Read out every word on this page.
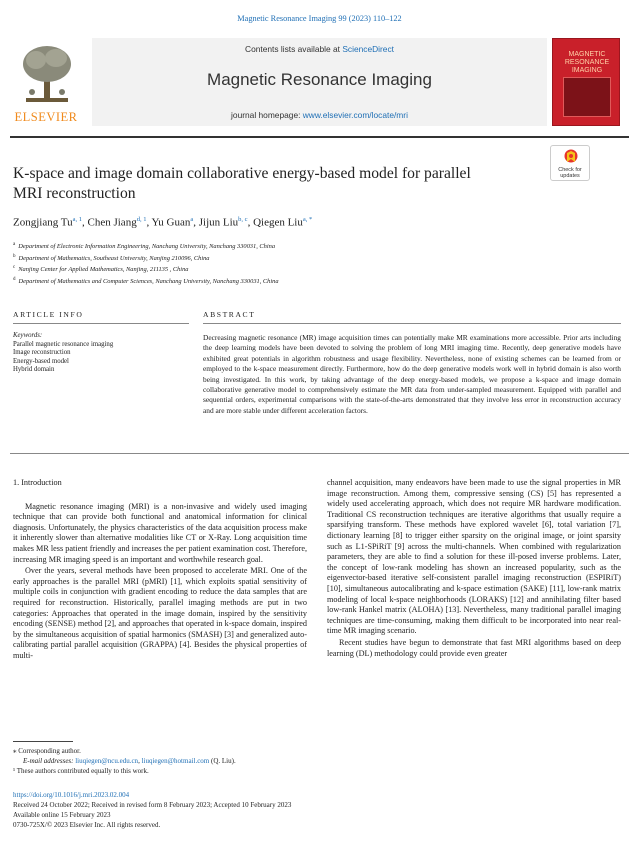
Magnetic Resonance Imaging 99 (2023) 110–122
ELSEVIER
Contents lists available at ScienceDirect
Magnetic Resonance Imaging
journal homepage: www.elsevier.com/locate/mri
MAGNETIC RESONANCE IMAGING
Check for
updates
K-space and image domain collaborative energy-based model for parallel
MRI reconstruction
Zongjiang Tu$^{a, 1}$, Chen Jiang$^{d, 1}$, Yu Guan$^a$, Jijun Liu$^{b, c}$, Qiegen Liu$^{a, *}$
$^a$ Department of Electronic Information Engineering, Nanchang University, Nanchang 330031, China
$^b$ Department of Mathematics, Southeast University, Nanjing 210096, China
$^c$ Nanjing Center for Applied Mathematics, Nanjing, 211135 , China
$^d$ Department of Mathematics and Computer Sciences, Nanchang University, Nanchang 330031, China
ARTICLE INFO	ABSTRACT
Keywords:
Parallel magnetic resonance imaging
Image reconstruction
Energy-based model
Hybrid domain
Decreasing magnetic resonance (MR) image acquisition times can potentially make MR examinations more accessible. Prior arts including the deep learning models have been devoted to solving the problem of long MRI imaging time. Recently, deep generative models have exhibited great potentials in algorithm robustness and usage flexibility. Nevertheless, none of existing schemes can be learned from or employed to the k-space measurement directly. Furthermore, how do the deep generative models work well in hybrid domain is also worth being investigated. In this work, by taking advantage of the deep energy-based models, we propose a k-space and image domain collaborative generative model to comprehensively estimate the MR data from under-sampled measurement. Equipped with parallel and sequential orders, experimental comparisons with the state-of-the-arts demonstrated that they involve less error in reconstruction accuracy and are more stable under different acceleration factors.
1. Introduction

Magnetic resonance imaging (MRI) is a non-invasive and widely used imaging technique that can provide both functional and anatomical information for clinical diagnosis. Unfortunately, the physics characteristics of the data acquisition process make it inherently slower than alternative modalities like CT or X-Ray. Long acquisition time makes MR less patient friendly and increases the per patient examination cost. Therefore, increasing MR imaging speed is an important and worthwhile research goal.

Over the years, several methods have been proposed to accelerate MRI. One of the early approaches is the parallel MRI (pMRI) [1], which exploits spatial sensitivity of multiple coils in conjunction with gradient encoding to reduce the data samples that are required for reconstruction. Historically, parallel imaging methods are put in two categories: Approaches that operated in the image domain, inspired by the sensitivity encoding (SENSE) method [2], and approaches that operated in k-space domain, inspired by the simultaneous acquisition of spatial harmonics (SMASH) [3] and generalized auto-calibrating partial parallel acquisition (GRAPPA) [4]. Besides the physical properties of multi-

channel acquisition, many endeavors have been made to use the signal properties in MR image reconstruction. Among them, compressive sensing (CS) [5] has represented a widely used accelerating approach, which does not require MR hardware modification. Traditional CS reconstruction techniques are iterative algorithms that usually require a sparsifying transform. These methods have explored wavelet [6], total variation [7], dictionary learning [8] to trigger either sparsity on the original image, or joint sparsity such as L1-SPiRiT [9] across the multi-channels. When combined with regularization parameters, they are able to find a solution for these ill-posed inverse problems. Later, the concept of low-rank modeling has shown an increased popularity, such as the eigenvector-based iterative self-consistent parallel imaging reconstruction (ESPIRiT) [10], simultaneous autocalibrating and k-space estimation (SAKE) [11], low-rank matrix modeling of local k-space neighborhoods (LORAKS) [12] and annihilating filter based low-rank Hankel matrix (ALOHA) [13]. Nevertheless, many traditional parallel imaging techniques are time-consuming, making them difficult to be incorporated into near real-time MR imaging scenario.

Recent studies have begun to demonstrate that fast MRI algorithms based on deep learning (DL) methodology could provide even greater

⁎ Corresponding author.
E-mail addresses: liuqiegen@ncu.edu.cn, liuqiegen@hotmail.com (Q. Liu).
¹ These authors contributed equally to this work.
https://doi.org/10.1016/j.mri.2023.02.004
Received 24 October 2022; Received in revised form 8 February 2023; Accepted 10 February 2023
Available online 15 February 2023
0730-725X/© 2023 Elsevier Inc. All rights reserved.
